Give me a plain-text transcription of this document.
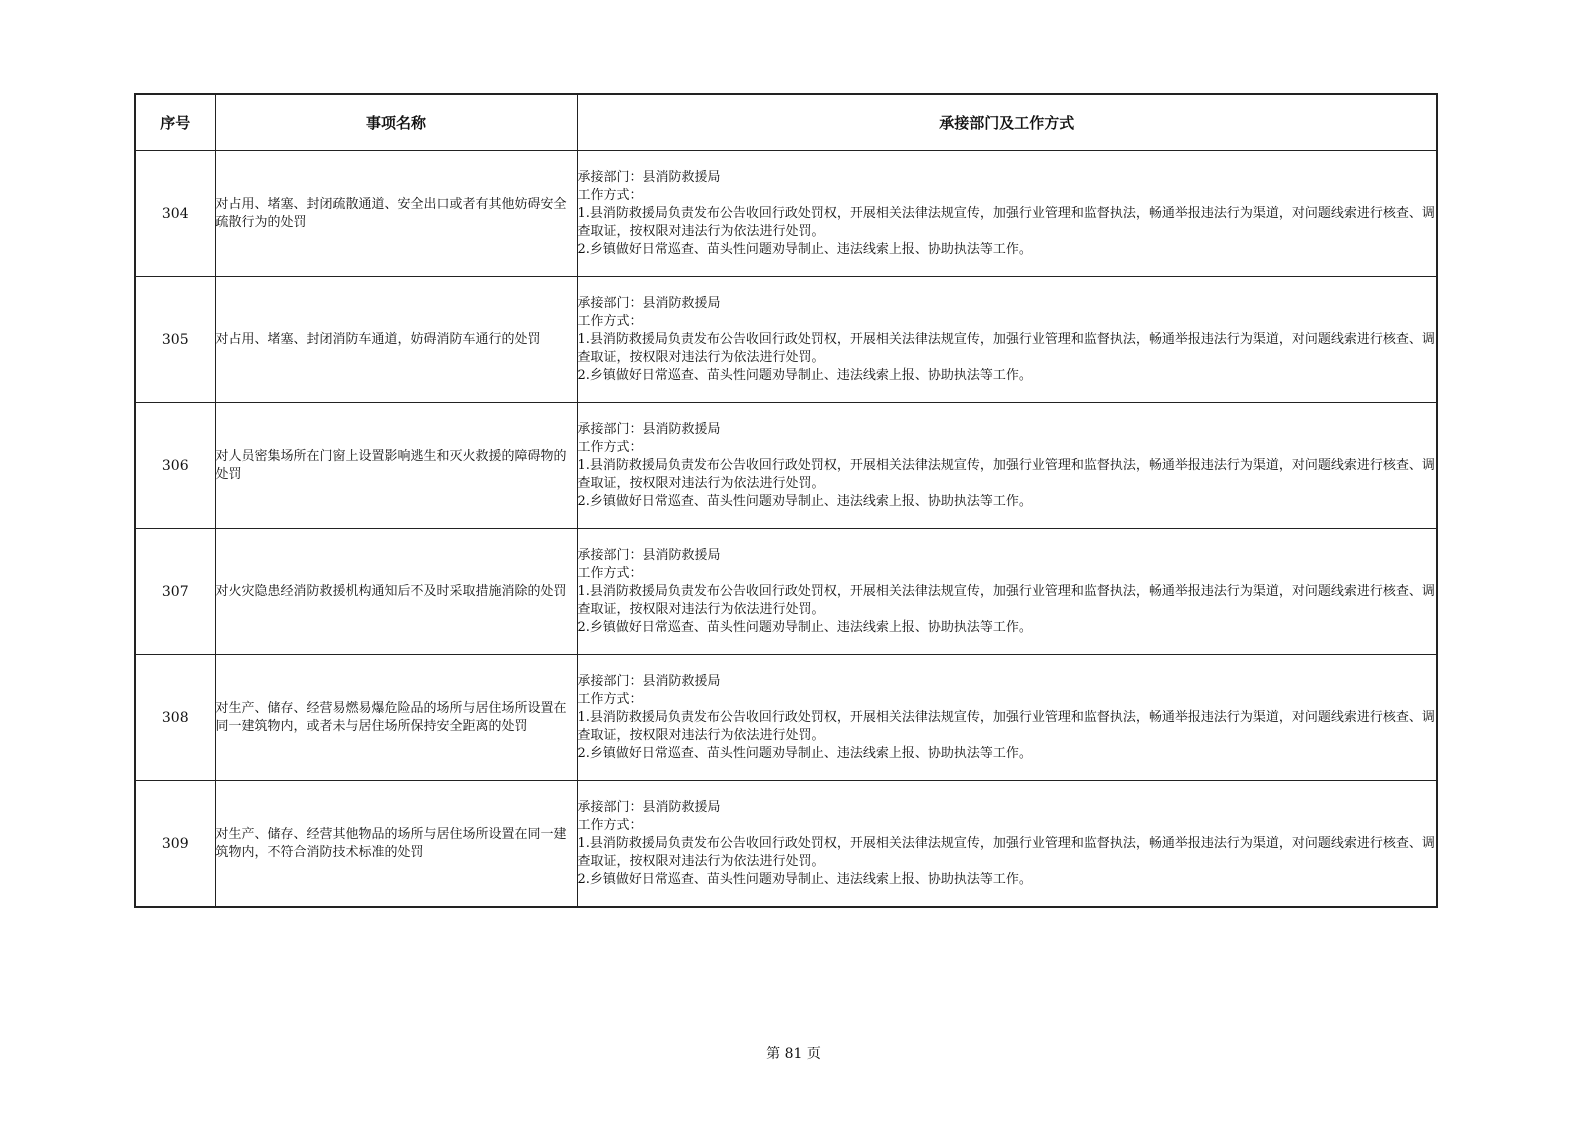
序号	事项名称	承接部门及工作方式
304	对占用、堵塞、封闭疏散通道、安全出口或者有其他妨碍安全疏散行为的处罚	承接部门：县消防救援局
工作方式：
1.县消防救援局负责发布公告收回行政处罚权，开展相关法律法规宣传，加强行业管理和监督执法，畅通举报违法行为渠道，对问题线索进行核查、调查取证，按权限对违法行为依法进行处罚。
2.乡镇做好日常巡查、苗头性问题劝导制止、违法线索上报、协助执法等工作。

305	对占用、堵塞、封闭消防车通道，妨碍消防车通行的处罚	承接部门：县消防救援局
工作方式：
1.县消防救援局负责发布公告收回行政处罚权，开展相关法律法规宣传，加强行业管理和监督执法，畅通举报违法行为渠道，对问题线索进行核查、调查取证，按权限对违法行为依法进行处罚。
2.乡镇做好日常巡查、苗头性问题劝导制止、违法线索上报、协助执法等工作。

306	对人员密集场所在门窗上设置影响逃生和灭火救援的障碍物的处罚	承接部门：县消防救援局
工作方式：
1.县消防救援局负责发布公告收回行政处罚权，开展相关法律法规宣传，加强行业管理和监督执法，畅通举报违法行为渠道，对问题线索进行核查、调查取证，按权限对违法行为依法进行处罚。
2.乡镇做好日常巡查、苗头性问题劝导制止、违法线索上报、协助执法等工作。

307	对火灾隐患经消防救援机构通知后不及时采取措施消除的处罚	承接部门：县消防救援局
工作方式：
1.县消防救援局负责发布公告收回行政处罚权，开展相关法律法规宣传，加强行业管理和监督执法，畅通举报违法行为渠道，对问题线索进行核查、调查取证，按权限对违法行为依法进行处罚。
2.乡镇做好日常巡查、苗头性问题劝导制止、违法线索上报、协助执法等工作。

308	对生产、储存、经营易燃易爆危险品的场所与居住场所设置在同一建筑物内，或者未与居住场所保持安全距离的处罚	承接部门：县消防救援局
工作方式：
1.县消防救援局负责发布公告收回行政处罚权，开展相关法律法规宣传，加强行业管理和监督执法，畅通举报违法行为渠道，对问题线索进行核查、调查取证，按权限对违法行为依法进行处罚。
2.乡镇做好日常巡查、苗头性问题劝导制止、违法线索上报、协助执法等工作。

309	对生产、储存、经营其他物品的场所与居住场所设置在同一建筑物内，不符合消防技术标准的处罚	承接部门：县消防救援局
工作方式：
1.县消防救援局负责发布公告收回行政处罚权，开展相关法律法规宣传，加强行业管理和监督执法，畅通举报违法行为渠道，对问题线索进行核查、调查取证，按权限对违法行为依法进行处罚。
2.乡镇做好日常巡查、苗头性问题劝导制止、违法线索上报、协助执法等工作。
第 81 页
